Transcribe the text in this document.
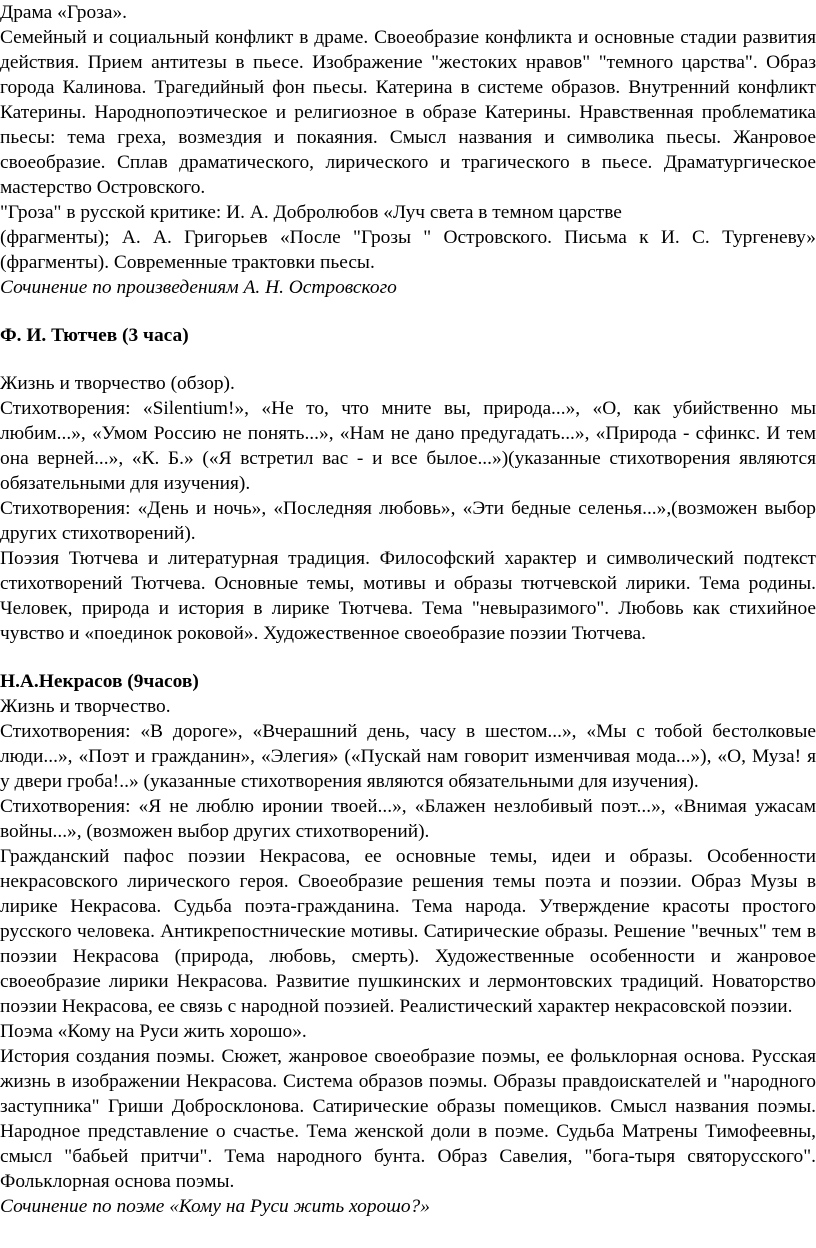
Драма «Гроза».

Семейный и социальный конфликт в драме. Своеобразие конфликта и основные стадии развития действия. Прием антитезы в пьесе. Изображение "жестоких нравов" "темного царства". Образ города Калинова. Трагедийный фон пьесы. Катерина в системе образов. Внутренний конфликт Катерины. Народнопоэтическое и религиозное в образе Катерины. Нравственная проблематика пьесы: тема греха, возмездия и покаяния. Смысл названия и символика пьесы. Жанровое своеобразие. Сплав драматического, лирического и трагического в пьесе. Драматургическое мастерство Островского.

"Гроза" в русской критике: И. А. Добролюбов «Луч света в темном царстве

(фрагменты); А. А. Григорьев «После "Грозы " Островского. Письма к И. С. Тургеневу» (фрагменты). Современные трактовки пьесы.

Сочинение по произведениям А. Н. Островского

Ф. И. Тютчев (3 часа)

Жизнь и творчество (обзор).

Стихотворения: «Silentium!», «Не то, что мните вы, природа...», «О, как убийственно мы любим...», «Умом Россию не понять...», «Нам не дано предугадать...», «Природа - сфинкс. И тем она верней...», «К. Б.» («Я встретил вас - и все былое...»)(указанные стихотворения являются обязательными для изучения).

Стихотворения: «День и ночь», «Последняя любовь», «Эти бедные селенья...»,(возможен выбор других стихотворений).

Поэзия Тютчева и литературная традиция. Философский характер и символический подтекст стихотворений Тютчева. Основные темы, мотивы и образы тютчевской лирики. Тема родины. Человек, природа и история в лирике Тютчева. Тема "невыразимого". Любовь как стихийное чувство и «поединок роковой». Художественное своеобразие поэзии Тютчева.

Н.А.Некрасов (9часов)

Жизнь и творчество.

Стихотворения: «В дороге», «Вчерашний день, часу в шестом...», «Мы с тобой бестолковые люди...», «Поэт и гражданин», «Элегия» («Пускай нам говорит изменчивая мода...»), «О, Муза! я у двери гроба!..» (указанные стихотворения являются обязательными для изучения).

Стихотворения: «Я не люблю иронии твоей...», «Блажен незлобивый поэт...», «Внимая ужасам войны...», (возможен выбор других стихотворений).

Гражданский пафос поэзии Некрасова, ее основные темы, идеи и образы. Особенности некрасовского лирического героя. Своеобразие решения темы поэта и поэзии. Образ Музы в лирике Некрасова. Судьба поэта-гражданина. Тема народа. Утверждение красоты простого русского человека. Антикрепостнические мотивы. Сатирические образы. Решение "вечных" тем в поэзии Некрасова (природа, любовь, смерть). Художественные особенности и жанровое своеобразие лирики Некрасова. Развитие пушкинских и лермонтовских традиций. Новаторство поэзии Некрасова, ее связь с народной поэзией. Реалистический характер некрасовской поэзии.

Поэма «Кому на Руси жить хорошо».

История создания поэмы. Сюжет, жанровое своеобразие поэмы, ее фольклорная основа. Русская жизнь в изображении Некрасова. Система образов поэмы. Образы правдоискателей и "народного заступника" Гриши Добросклонова. Сатирические образы помещиков. Смысл названия поэмы. Народное представление о счастье. Тема женской доли в поэме. Судьба Матрены Тимофеевны, смысл "бабьей притчи". Тема народного бунта. Образ Савелия, "бога-тыря святорусского". Фольклорная основа поэмы.

Сочинение по поэме «Кому на Руси жить хорошо?»
